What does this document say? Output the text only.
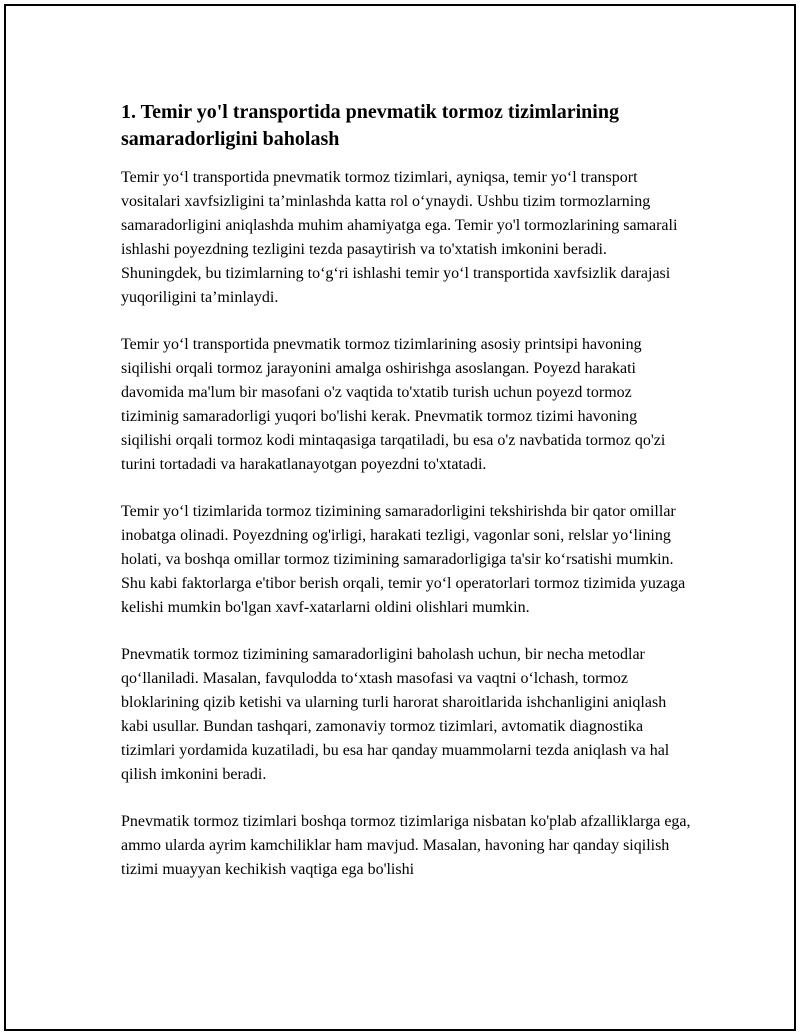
1. Temir yo'l transportida pnevmatik tormoz tizimlarining samaradorligini baholash

Temir yo‘l transportida pnevmatik tormoz tizimlari, ayniqsa, temir yo‘l transport vositalari xavfsizligini ta’minlashda katta rol o‘ynaydi. Ushbu tizim tormozlarning samaradorligini aniqlashda muhim ahamiyatga ega. Temir yo'l tormozlarining samarali ishlashi poyezdning tezligini tezda pasaytirish va to'xtatish imkonini beradi. Shuningdek, bu tizimlarning to‘g‘ri ishlashi temir yo‘l transportida xavfsizlik darajasi yuqoriligini ta’minlaydi.

Temir yo‘l transportida pnevmatik tormoz tizimlarining asosiy printsipi havoning siqilishi orqali tormoz jarayonini amalga oshirishga asoslangan. Poyezd harakati davomida ma'lum bir masofani o'z vaqtida to'xtatib turish uchun poyezd tormoz tiziminig samaradorligi yuqori bo'lishi kerak. Pnevmatik tormoz tizimi havoning siqilishi orqali tormoz kodi mintaqasiga tarqatiladi, bu esa o'z navbatida tormoz qo'zi turini tortadadi va harakatlanayotgan poyezdni to'xtatadi.

Temir yo‘l tizimlarida tormoz tizimining samaradorligini tekshirishda bir qator omillar inobatga olinadi. Poyezdning og'irligi, harakati tezligi, vagonlar soni, relslar yo‘lining holati, va boshqa omillar tormoz tizimining samaradorligiga ta'sir ko‘rsatishi mumkin. Shu kabi faktorlarga e'tibor berish orqali, temir yo‘l operatorlari tormoz tizimida yuzaga kelishi mumkin bo'lgan xavf-xatarlarni oldini olishlari mumkin.

Pnevmatik tormoz tizimining samaradorligini baholash uchun, bir necha metodlar qo‘llaniladi. Masalan, favqulodda to‘xtash masofasi va vaqtni o‘lchash, tormoz bloklarining qizib ketishi va ularning turli harorat sharoitlarida ishchanligini aniqlash kabi usullar. Bundan tashqari, zamonaviy tormoz tizimlari, avtomatik diagnostika tizimlari yordamida kuzatiladi, bu esa har qanday muammolarni tezda aniqlash va hal qilish imkonini beradi.

Pnevmatik tormoz tizimlari boshqa tormoz tizimlariga nisbatan ko'plab afzalliklarga ega, ammo ularda ayrim kamchiliklar ham mavjud. Masalan, havoning har qanday siqilish tizimi muayyan kechikish vaqtiga ega bo'lishi
